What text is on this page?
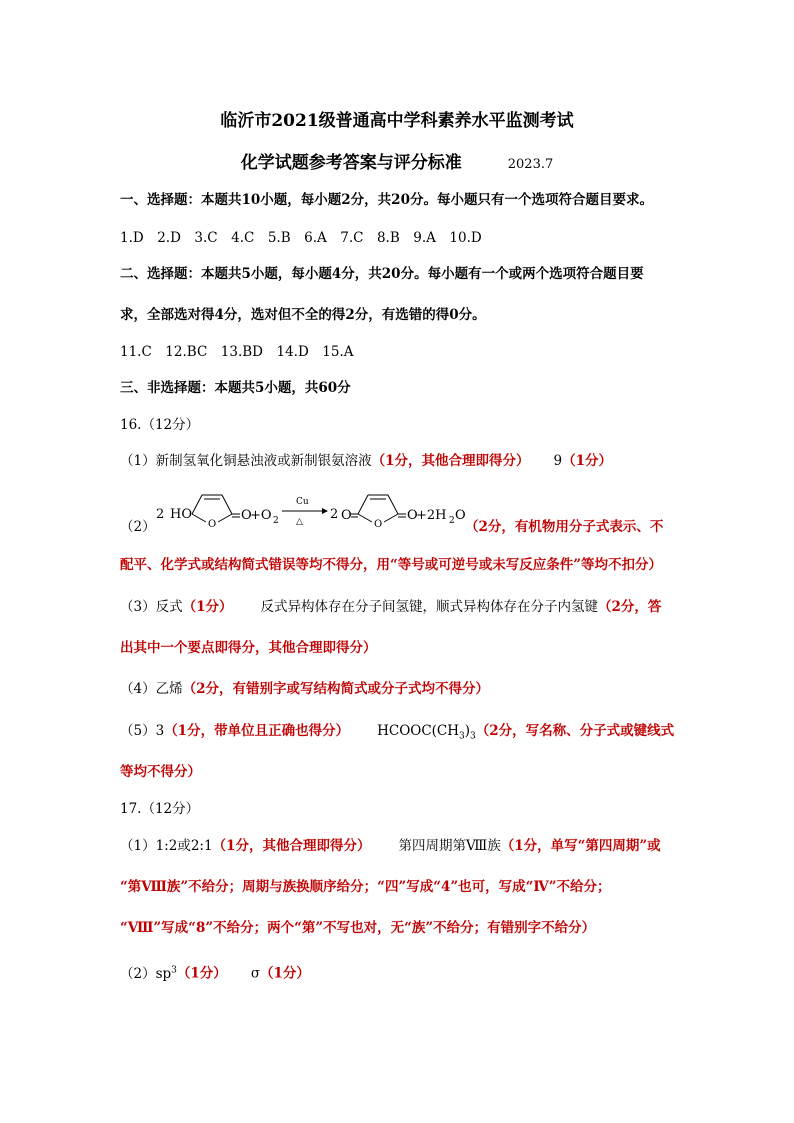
临沂市2021级普通高中学科素养水平监测考试
化学试题参考答案与评分标准	2023.7
一、选择题：本题共10小题，每小题2分，共20分。每小题只有一个选项符合题目要求。
1.D　2.D　3.C　4.C　5.B　6.A　7.C　8.B　9.A　10.D
二、选择题：本题共5小题，每小题4分，共20分。每小题有一个或两个选项符合题目要
求，全部选对得4分，选对但不全的得2分，有选错的得0分。
11.C　12.BC　13.BD　14.D　15.A
三、非选择题：本题共5小题，共60分
16.（12分）
（1）新制氢氧化铜悬浊液或新制银氨溶液（1分，其他合理即得分） 9（1分）
2 HO
O
O
+O 2
Cu
△ 2 O
O
O
+2H 2 O
（2）	（2分，有机物用分子式表示、不
配平、化学式或结构简式错误等均不得分，用“等号或可逆号或未写反应条件”等均不扣分）
（3）反式（1分） 反式异构体存在分子间氢键，顺式异构体存在分子内氢键（2分，答
出其中一个要点即得分，其他合理即得分）
（4）乙烯（2分，有错别字或写结构简式或分子式均不得分）
（5）3（1分，带单位且正确也得分） $HCOOC(CH_3)_3(2$分，写名称、分子式或键线式
等均不得分）
17.（12分）
（1）1:2或2:1（1分，其他合理即得分） 第四周期第Ⅷ族（1分，单写“第四周期”或
“第Ⅷ族”不给分；周期与族换顺序给分；“四”写成“4”也可，写成“Ⅳ”不给分；
“Ⅷ”写成“8”不给分；两个“第”不写也对，无“族”不给分；有错别字不给分）
$(2)sp^3(1$分） σ（1分）
